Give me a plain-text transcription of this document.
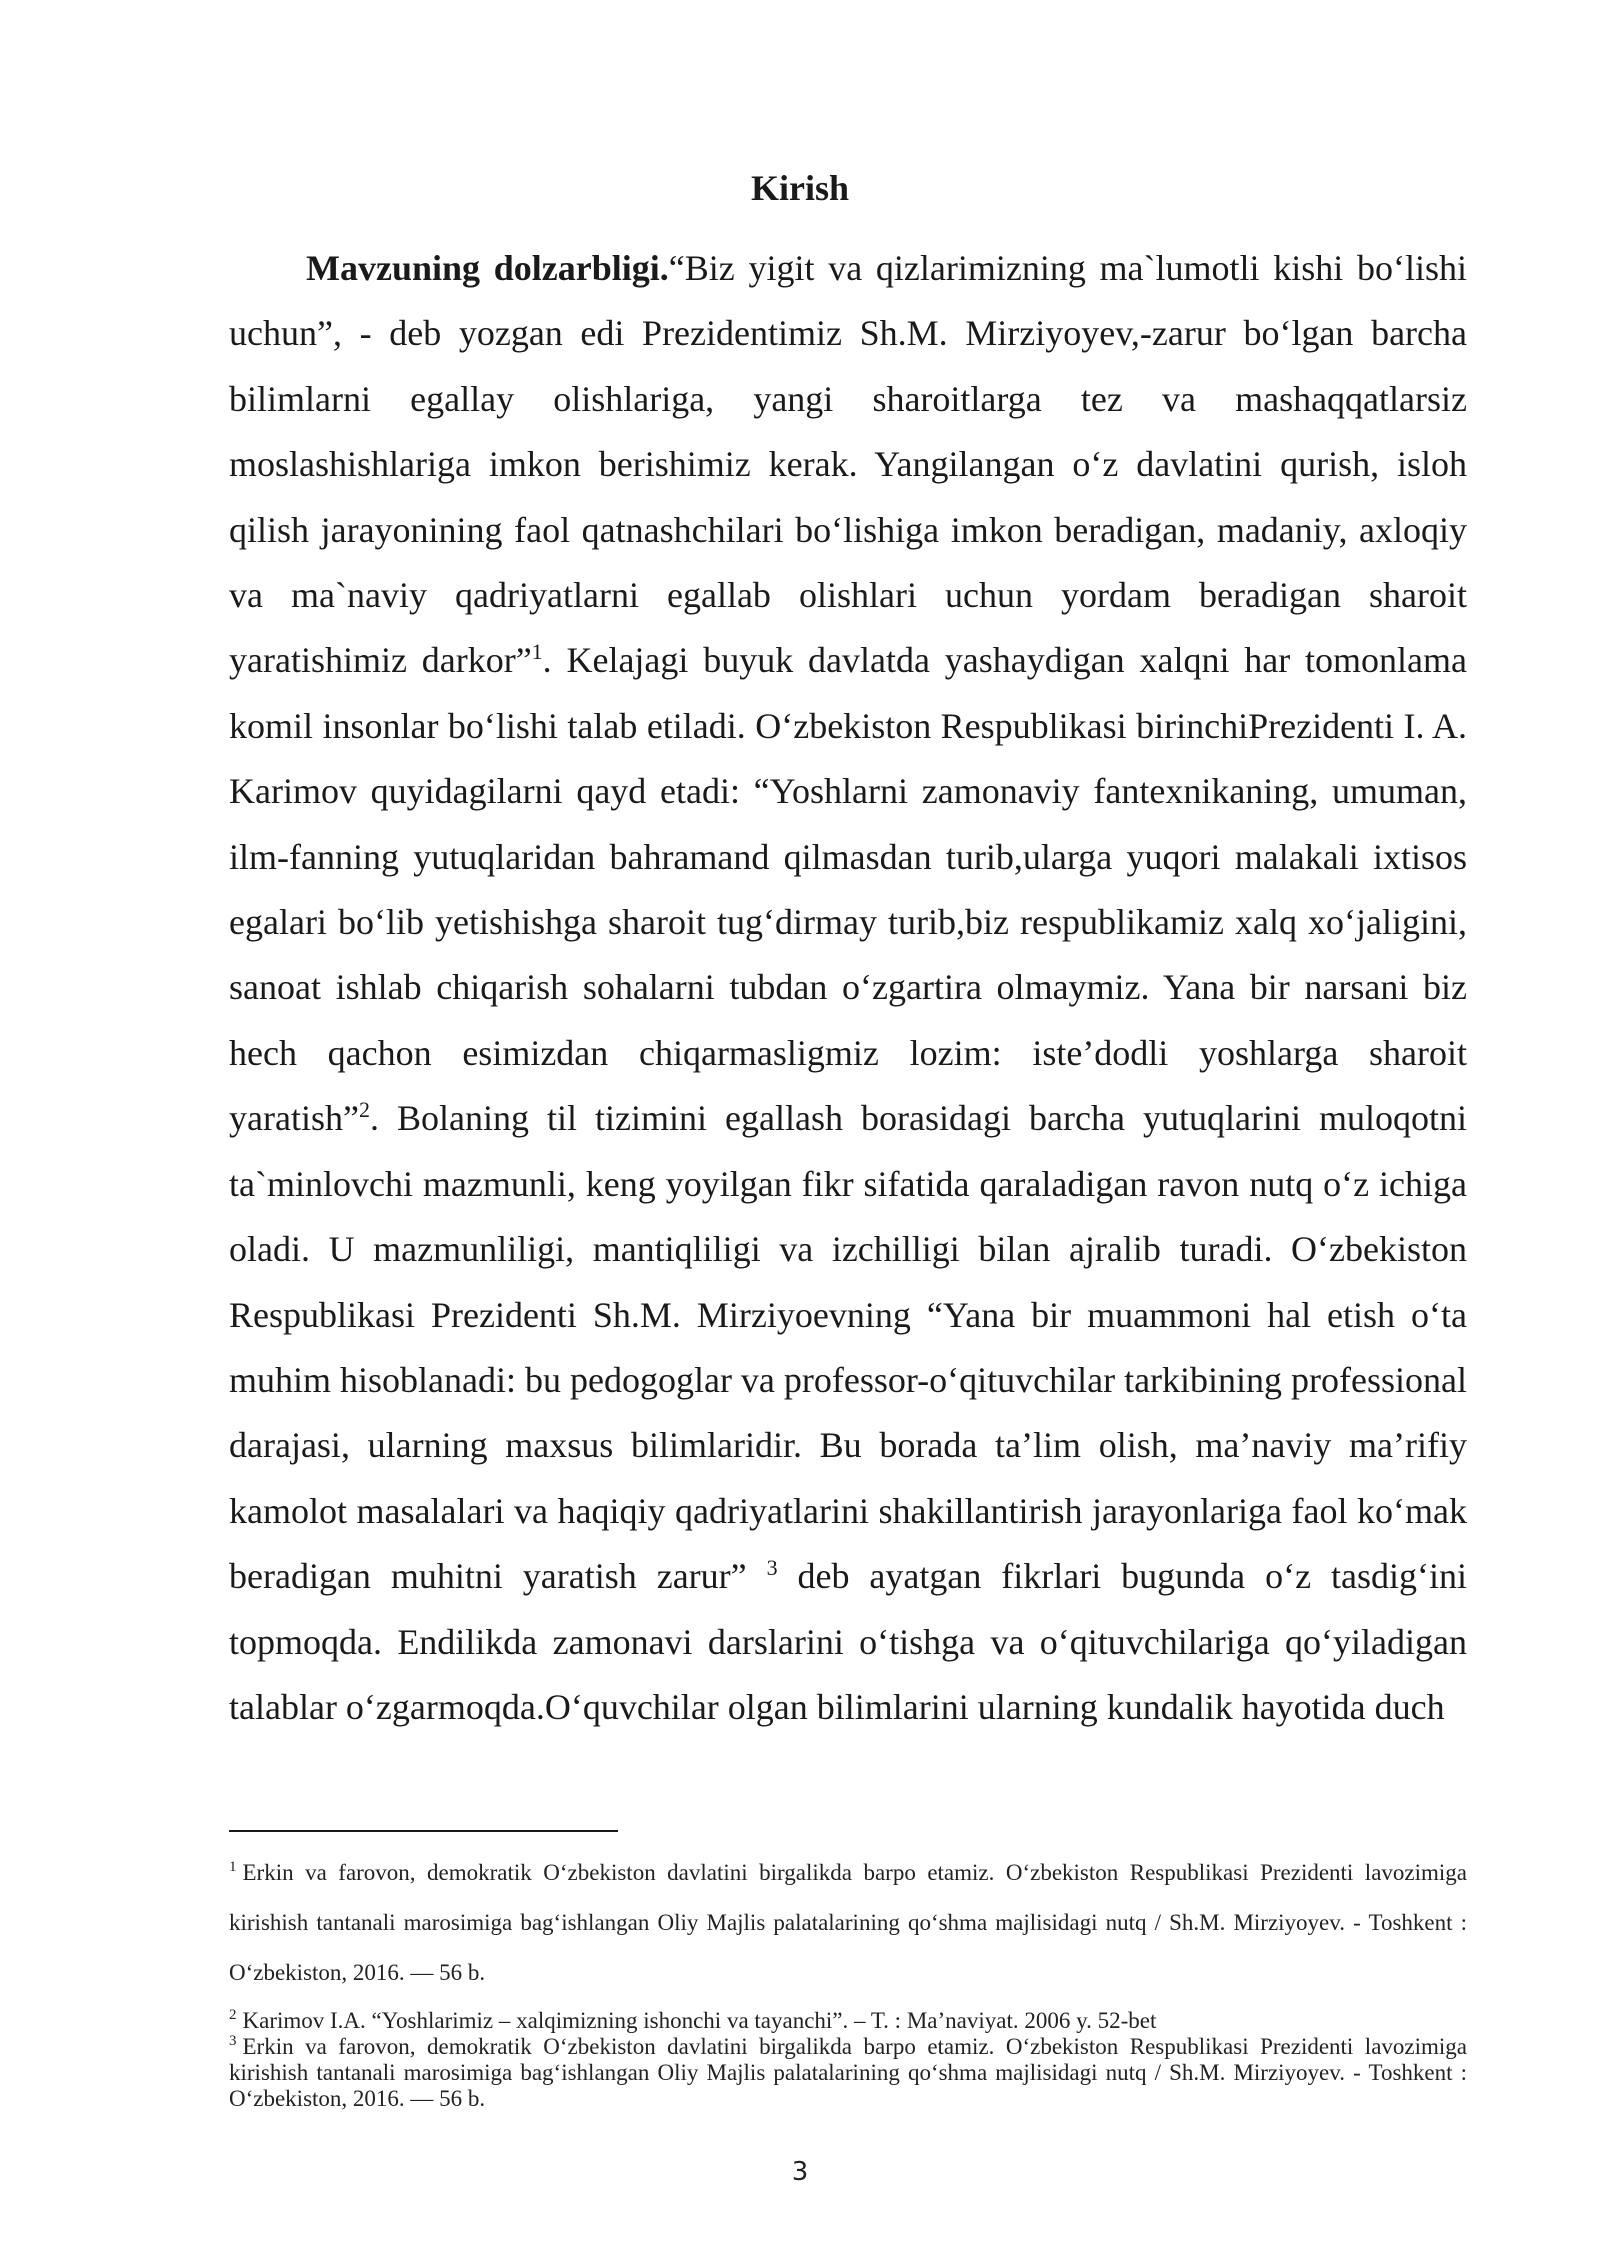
Kirish

Mavzuning dolzarbligi.“Biz yigit va qizlarimizning ma`lumotli kishi bo‘lishi uchun”, - deb yozgan edi Prezidentimiz Sh.M. Mirziyoyev,-zarur bo‘lgan barcha bilimlarni egallay olishlariga, yangi sharoitlarga tez va mashaqqatlarsiz moslashishlariga imkon berishimiz kerak. Yangilangan o‘z davlatini qurish, isloh qilish jarayonining faol qatnashchilari bo‘lishiga imkon beradigan, madaniy, axloqiy va ma`naviy qadriyatlarni egallab olishlari uchun yordam beradigan sharoit yaratishimiz darkor”$^1$. Kelajagi buyuk davlatda yashaydigan xalqni har tomonlama komil insonlar bo‘lishi talab etiladi. O‘zbekiston Respublikasi birinchiPrezidenti I. A. Karimov quyidagilarni qayd etadi: “Yoshlarni zamonaviy fantexnikaning, umuman, ilm-fanning yutuqlaridan bahramand qilmasdan turib,ularga yuqori malakali ixtisos egalari bo‘lib yetishishga sharoit tug‘dirmay turib,biz respublikamiz xalq xo‘jaligini, sanoat ishlab chiqarish sohalarni tubdan o‘zgartira olmaymiz. Yana bir narsani biz hech qachon esimizdan chiqarmasligmiz lozim: iste’dodli yoshlarga sharoit yaratish”$^2$. Bolaning til tizimini egallash borasidagi barcha yutuqlarini muloqotni ta`minlovchi mazmunli, keng yoyilgan fikr sifatida qaraladigan ravon nutq o‘z ichiga oladi. U mazmunliligi, mantiqliligi va izchilligi bilan ajralib turadi. O‘zbekiston Respublikasi Prezidenti Sh.M. Mirziyoevning “Yana bir muammoni hal etish o‘ta muhim hisoblanadi: bu pedogoglar va professor-o‘qituvchilar tarkibining professional darajasi, ularning maxsus bilimlaridir. Bu borada ta’lim olish, ma’naviy ma’rifiy kamolot masalalari va haqiqiy qadriyatlarini shakillantirish jarayonlariga faol ko‘mak beradigan muhitni yaratish zarur” $^3$ deb ayatgan fikrlari bugunda o‘z tasdig‘ini topmoqda. Endilikda zamonavi darslarini o‘tishga va o‘qituvchilariga qo‘yiladigan talablar o‘zgarmoqda.O‘quvchilar olgan bilimlarini ularning kundalik hayotida duch

$^1$ Erkin va farovon, demokratik O‘zbekiston davlatini birgalikda barpo etamiz. O‘zbekiston Respublikasi Prezidenti lavozimiga kirishish tantanali marosimiga bag‘ishlangan Oliy Majlis palatalarining qo‘shma majlisidagi nutq / Sh.M. Mirziyoyev. - Toshkent : O‘zbekiston, 2016. — 56 b.

$^2$ Karimov I.A. “Yoshlarimiz – xalqimizning ishonchi va tayanchi”. – T. : Ma’naviyat. 2006 y. 52-bet

$^3$ Erkin va farovon, demokratik O‘zbekiston davlatini birgalikda barpo etamiz. O‘zbekiston Respublikasi Prezidenti lavozimiga kirishish tantanali marosimiga bag‘ishlangan Oliy Majlis palatalarining qo‘shma majlisidagi nutq / Sh.M. Mirziyoyev. - Toshkent : O‘zbekiston, 2016. — 56 b.

3
